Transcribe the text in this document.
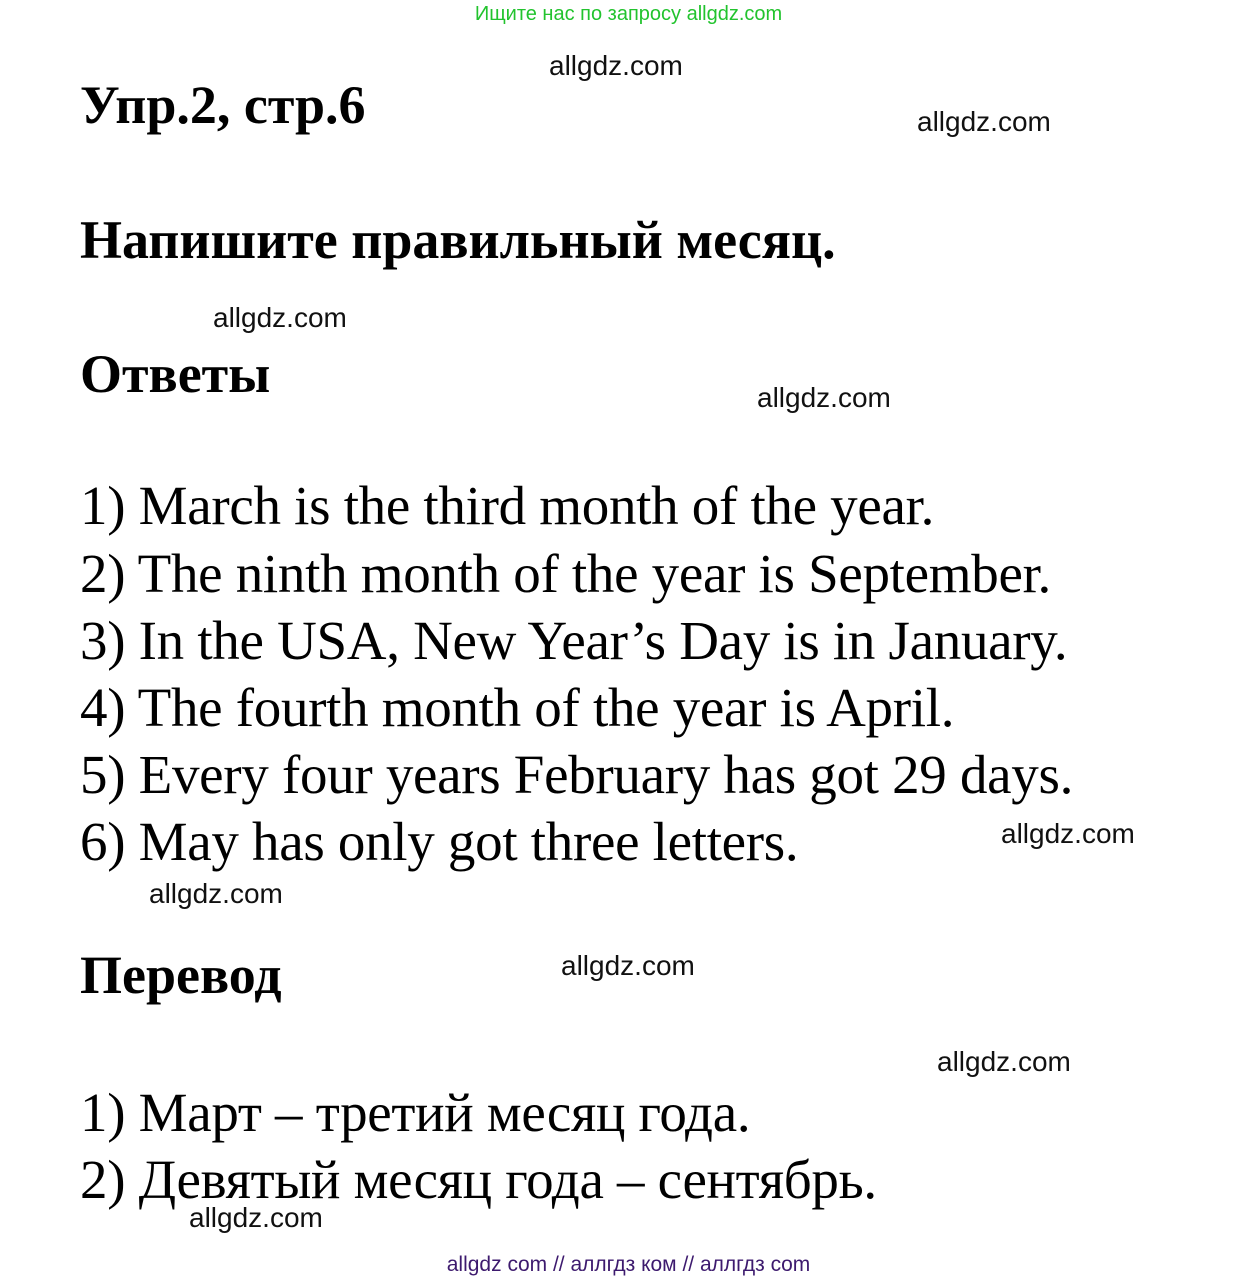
Ищите нас по запросу allgdz.com
Упр.2, стр.6
Напишите правильный месяц.
Ответы
1) March is the third month of the year.
2) The ninth month of the year is September.
3) In the USA, New Year’s Day is in January.
4) The fourth month of the year is April.
5) Every four years February has got 29 days.
6) May has only got three letters.
Перевод
1) Март – третий месяц года.
2) Девятый месяц года – сентябрь.
allgdz.com
allgdz.com
allgdz.com
allgdz.com
allgdz.com
allgdz.com
allgdz.com
allgdz.com
allgdz.com
allgdz com // аллгдз ком // аллгдз com
